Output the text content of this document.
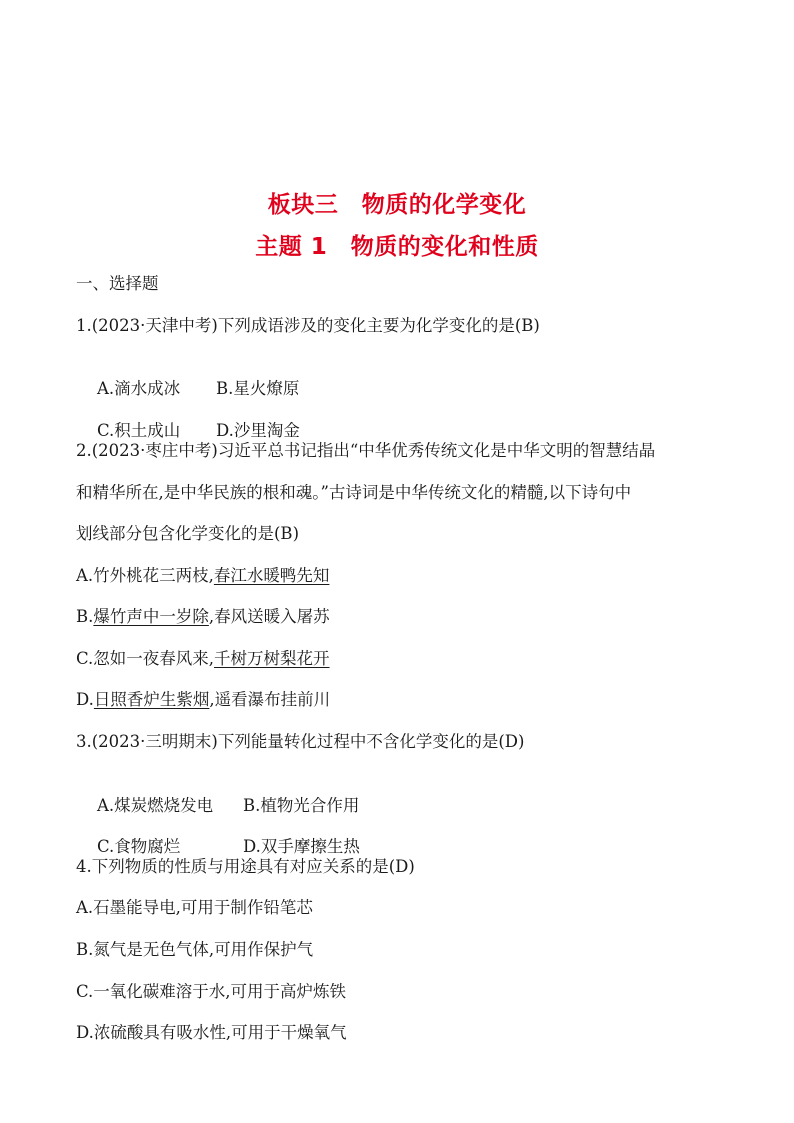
板块三　物质的化学变化
主题 1　物质的变化和性质
一、选择题
1.(2023·天津中考)下列成语涉及的变化主要为化学变化的是(B)

A.滴水成冰 B.星火燎原

C.积土成山 D.沙里淘金

2.(2023·枣庄中考)习近平总书记指出“中华优秀传统文化是中华文明的智慧结晶
和精华所在,是中华民族的根和魂。”古诗词是中华传统文化的精髓,以下诗句中
划线部分包含化学变化的是(B)
A.竹外桃花三两枝,春江水暖鸭先知
B.爆竹声中一岁除,春风送暖入屠苏
C.忽如一夜春风来,千树万树梨花开
D.日照香炉生紫烟,遥看瀑布挂前川
3.(2023·三明期末)下列能量转化过程中不含化学变化的是(D)

A.煤炭燃烧发电 B.植物光合作用

C.食物腐烂	D.双手摩擦生热

4.下列物质的性质与用途具有对应关系的是(D)
A.石墨能导电,可用于制作铅笔芯
B.氮气是无色气体,可用作保护气
C.一氧化碳难溶于水,可用于高炉炼铁
D.浓硫酸具有吸水性,可用于干燥氧气
